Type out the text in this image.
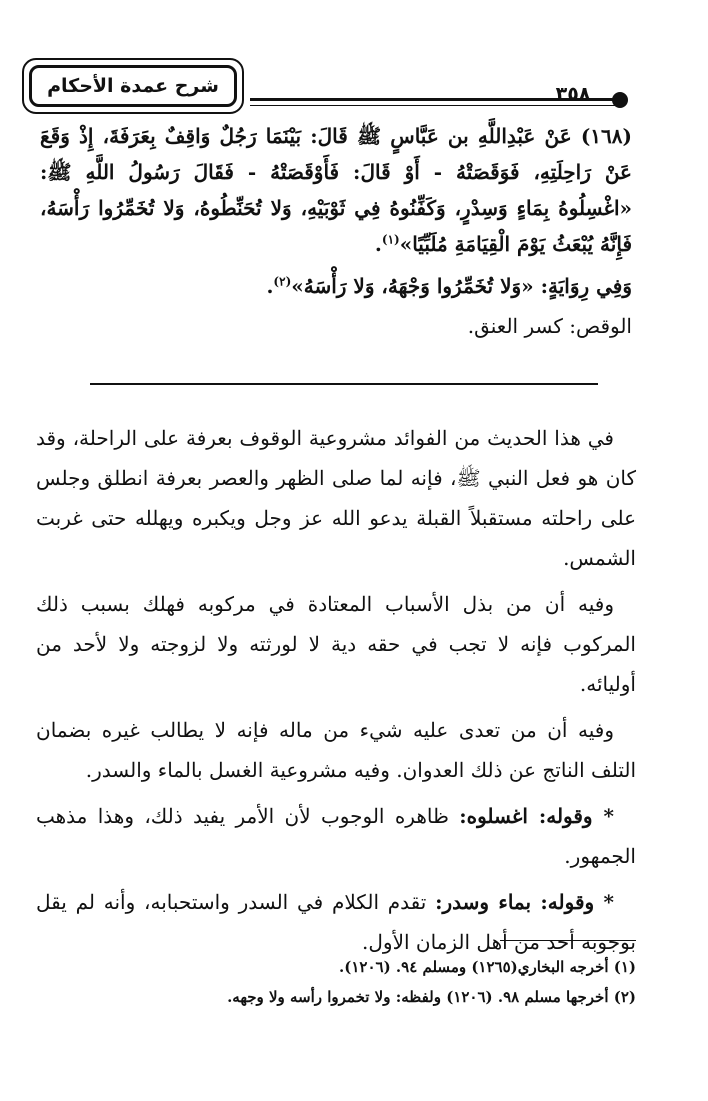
شرح عمدة الأحكام	٣٥٨

(١٦٨) عَنْ عَبْدِاللَّهِ بن عَبَّاسٍ ﷺ قَالَ: بَيْنَمَا رَجُلٌ وَاقِفٌ بِعَرَفَةَ، إِذْ وَقَعَ عَنْ رَاحِلَتِهِ، فَوَقَصَتْهُ - أَوْ قَالَ: فَأَوْقَصَتْهُ - فَقَالَ رَسُولُ اللَّهِ ﷺ: «اغْسِلُوهُ بِمَاءٍ وَسِدْرٍ، وَكَفِّنُوهُ فِي ثَوْبَيْهِ، وَلا تُحَنِّطُوهُ، وَلا تُخَمِّرُوا رَأْسَهُ، فَإِنَّهُ يُبْعَثُ يَوْمَ الْقِيَامَةِ مُلَبِّيًا»$^{(١)}$.

وَفِي رِوَايَةٍ: «وَلا تُخَمِّرُوا وَجْهَهُ، وَلا رَأْسَهُ»$^{(٢)}$.

الوقص: كسر العنق.

في هذا الحديث من الفوائد مشروعية الوقوف بعرفة على الراحلة، وقد كان هو فعل النبي ﷺ، فإنه لما صلى الظهر والعصر بعرفة انطلق وجلس على راحلته مستقبلاً القبلة يدعو الله عز وجل ويكبره ويهلله حتى غربت الشمس.

وفيه أن من بذل الأسباب المعتادة في مركوبه فهلك بسبب ذلك المركوب فإنه لا تجب في حقه دية لا لورثته ولا لزوجته ولا لأحد من أوليائه.

وفيه أن من تعدى عليه شيء من ماله فإنه لا يطالب غيره بضمان التلف الناتج عن ذلك العدوان. وفيه مشروعية الغسل بالماء والسدر.

* وقوله: اغسلوه: ظاهره الوجوب لأن الأمر يفيد ذلك، وهذا مذهب الجمهور.

* وقوله: بماء وسدر: تقدم الكلام في السدر واستحبابه، وأنه لم يقل بوجوبه أحد من أهل الزمان الأول.

(١) أخرجه البخاري(١٢٦٥) ومسلم ٩٤. (١٢٠٦).

(٢) أخرجها مسلم ٩٨. (١٢٠٦) ولفظه: ولا تخمروا رأسه ولا وجهه.
